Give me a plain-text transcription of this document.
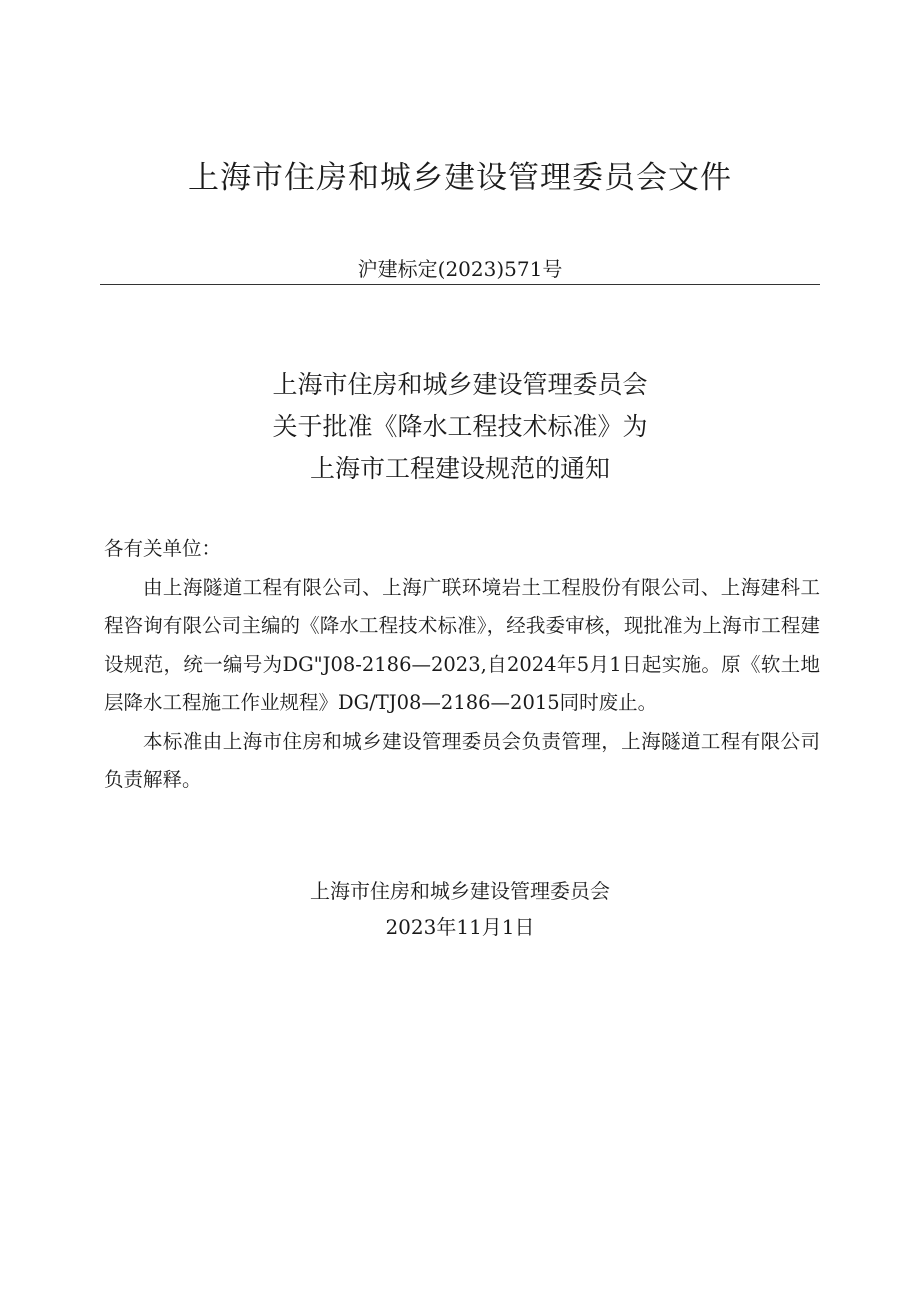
上海市住房和城乡建设管理委员会文件
沪建标定(2023)571号
上海市住房和城乡建设管理委员会
关于批准《降水工程技术标准》为
上海市工程建设规范的通知

各有关单位：

由上海隧道工程有限公司、上海广联环境岩土工程股份有限公司、上海建科工程咨询有限公司主编的《降水工程技术标准》，经我委审核，现批准为上海市工程建设规范，统一编号为DG"J08-2186—2023,自2024年5月1日起实施。原《软土地层降水工程施工作业规程》DG/TJ08—2186—2015同时废止。

本标准由上海市住房和城乡建设管理委员会负责管理，上海隧道工程有限公司负责解释。

上海市住房和城乡建设管理委员会
2023年11月1日
